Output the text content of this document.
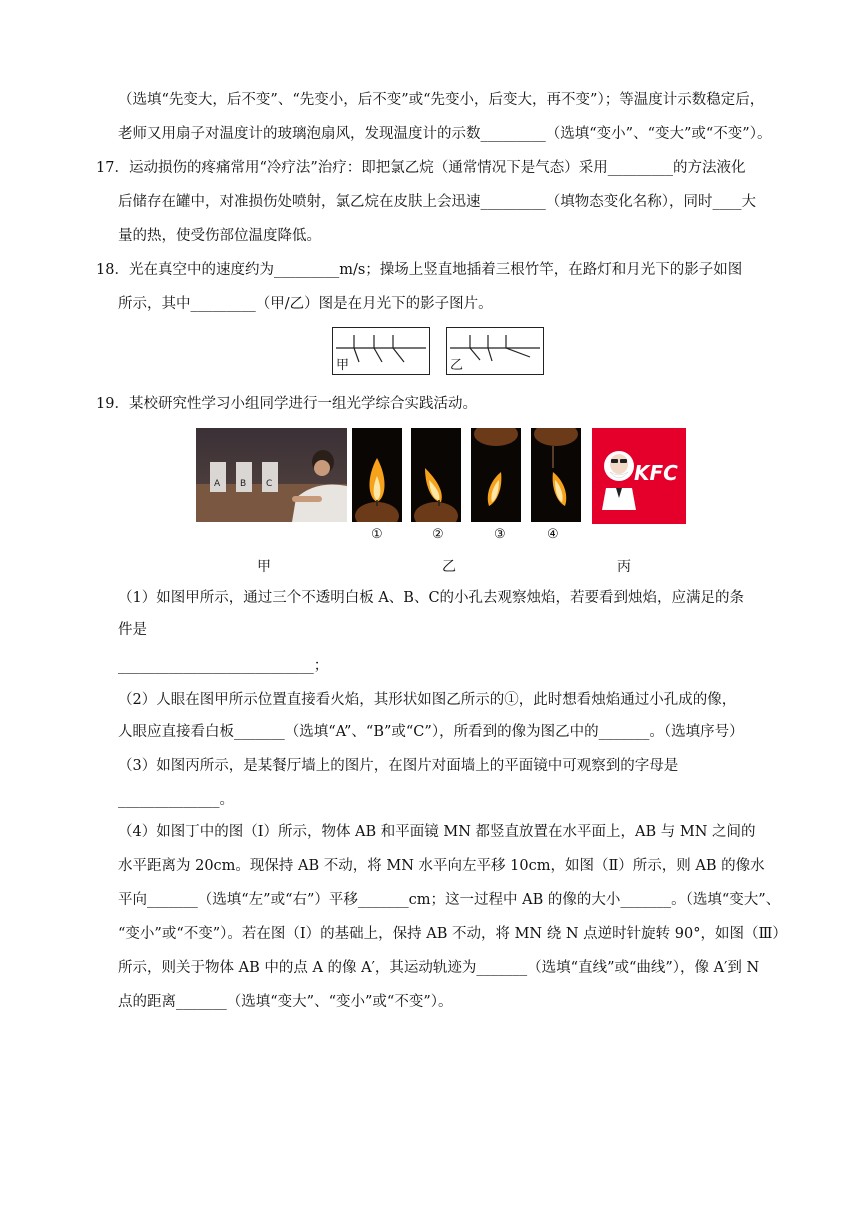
（选填“先变大，后不变”、“先变小，后不变”或“先变小，后变大，再不变”）；等温度计示数稳定后，
老师又用扇子对温度计的玻璃泡扇风，发现温度计的示数_________（选填“变小”、“变大”或“不变”）。
17．运动损伤的疼痛常用“冷疗法”治疗：即把氯乙烷（通常情况下是气态）采用_________的方法液化
后储存在罐中，对准损伤处喷射，氯乙烷在皮肤上会迅速_________（填物态变化名称），同时____大
量的热，使受伤部位温度降低。
18．光在真空中的速度约为_________m/s；操场上竖直地插着三根竹竿，在路灯和月光下的影子如图
所示，其中_________（甲/乙）图是在月光下的影子图片。
甲	乙
19．某校研究性学习小组同学进行一组光学综合实践活动。
A B C	KFC
①	②	③	④
甲	乙	丙
（1）如图甲所示，通过三个不透明白板 A、B、C的小孔去观察烛焰，若要看到烛焰，应满足的条
件是
___________________________；
（2）人眼在图甲所示位置直接看火焰，其形状如图乙所示的①，此时想看烛焰通过小孔成的像，
人眼应直接看白板_______（选填“A”、“B”或“C”），所看到的像为图乙中的_______。（选填序号）
（3）如图丙所示，是某餐厅墙上的图片，在图片对面墙上的平面镜中可观察到的字母是
______________。
（4）如图丁中的图（Ⅰ）所示，物体 AB 和平面镜 MN 都竖直放置在水平面上，AB 与 MN 之间的
水平距离为 20cm。现保持 AB 不动，将 MN 水平向左平移 10cm，如图（Ⅱ）所示，则 AB 的像水
平向_______（选填“左”或“右”）平移_______cm；这一过程中 AB 的像的大小_______。（选填“变大”、
“变小”或“不变”）。若在图（Ⅰ）的基础上，保持 AB 不动，将 MN 绕 N 点逆时针旋转 90°，如图（Ⅲ）
所示，则关于物体 AB 中的点 A 的像 A′，其运动轨迹为_______（选填“直线”或“曲线”），像 A′到 N
点的距离_______（选填“变大”、“变小”或“不变”）。
